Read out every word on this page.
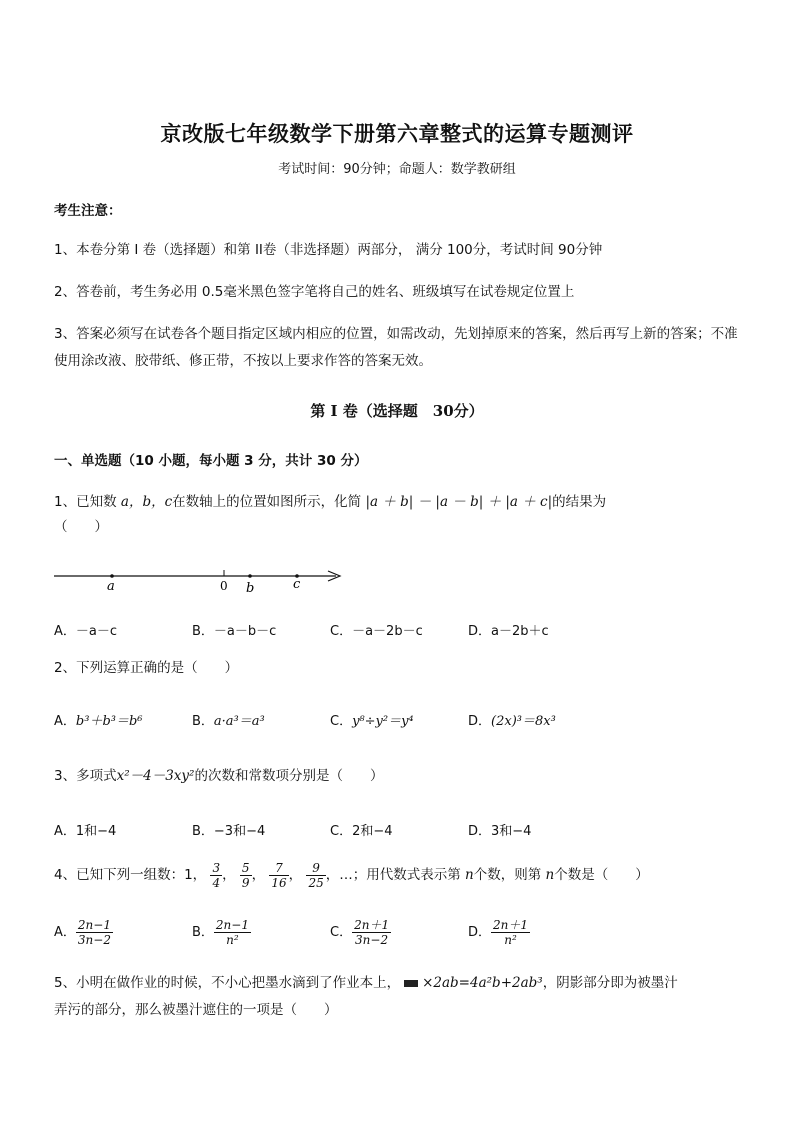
京改版七年级数学下册第六章整式的运算专题测评
考试时间：90分钟；命题人：数学教研组
考生注意：
1、本卷分第 I 卷（选择题）和第 II卷（非选择题）两部分， 满分 100分，考试时间 90分钟
2、答卷前，考生务必用 0.5毫米黑色签字笔将自己的姓名、班级填写在试卷规定位置上
3、答案必须写在试卷各个题目指定区域内相应的位置，如需改动，先划掉原来的答案，然后再写上新的答案；不准使用涂改液、胶带纸、修正带，不按以上要求作答的答案无效。
第 I 卷（选择题　30分）
一、单选题（10 小题，每小题 3 分，共计 30 分）
1、已知数 a，b，c在数轴上的位置如图所示，化简 |a ＋ b| － |a － b| ＋ |a ＋ c|的结果为
（　　）
a	0 b	c
A．－a－c	B．－a－b－c	C．－a－2b－c	D．a－2b＋c
2、下列运算正确的是（　　）
A．b³＋b³＝b⁶	B．a·a³＝a³	C．y⁸÷y²＝y⁴	D．(2x)³＝8x³
3、多项式x²－4－3xy²的次数和常数项分别是（　　）
A．1和−4	B．−3和−4	C．2和−4	D．3和−4
4、已知下列一组数：1， $\frac{3}{4}$ ， $\frac{5}{9}$ ， $\frac{7}{16}$ ， $\frac{9}{25}$ ，…；用代数式表示第 n个数，则第 n个数是（　　）
A． $\frac{2n-1}{3n-2}$	B． $\frac{2n-1}{\text{n²}}$	C． $\frac{2n+1}{3n-2}$	D． $\frac{2n+1}{\text{n²}}$
5、小明在做作业的时候，不小心把墨水滴到了作业本上， ×2ab=4a²b+2ab³，阴影部分即为被墨汁
弄污的部分，那么被墨汁遮住的一项是（　　）
